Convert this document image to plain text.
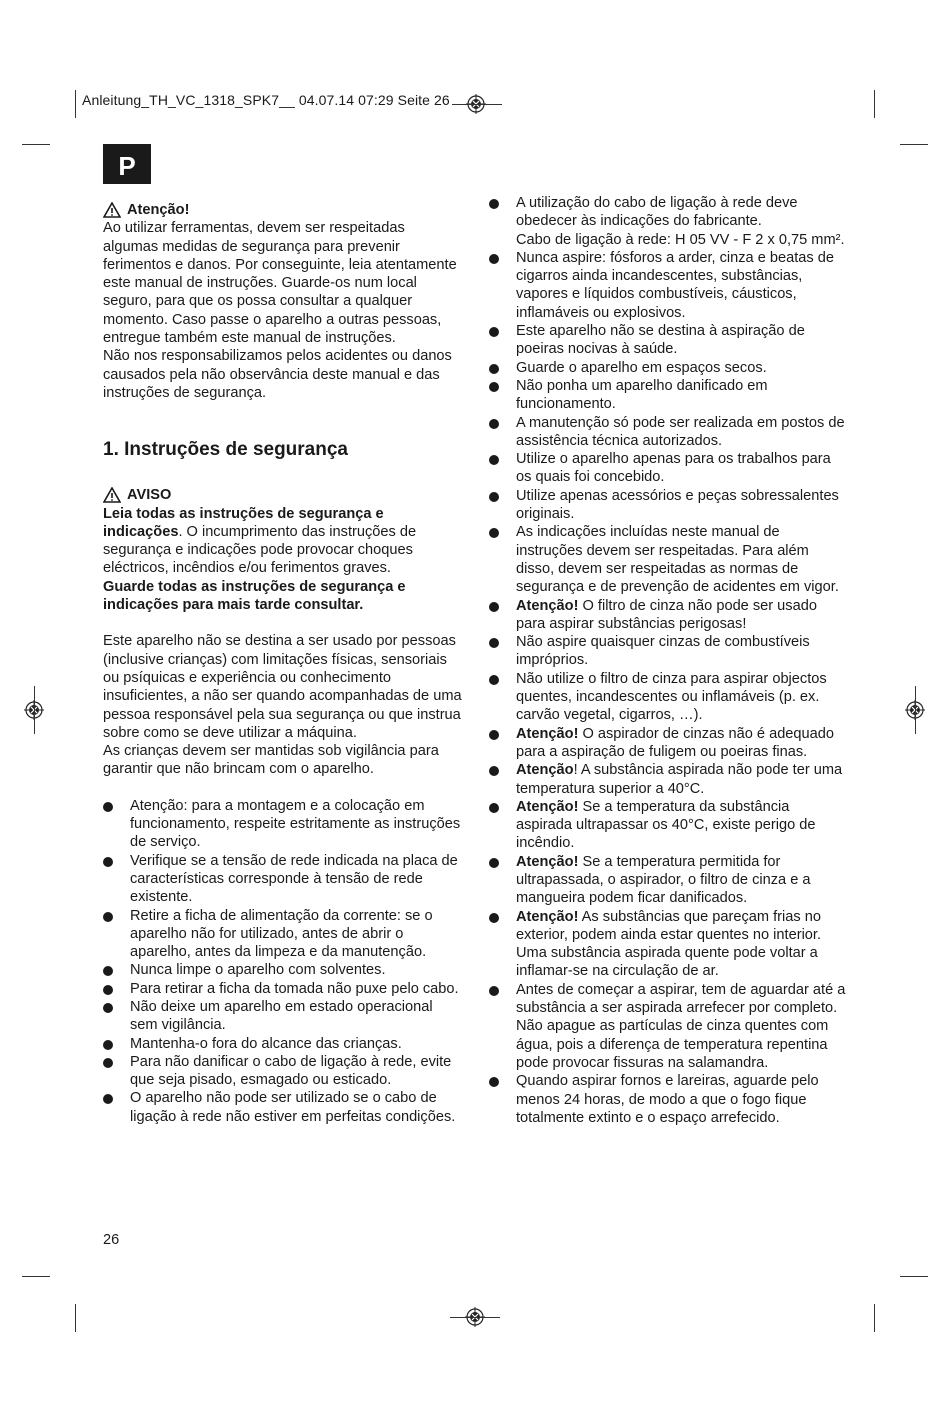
Anleitung_TH_VC_1318_SPK7__ 04.07.14 07:29 Seite 26
P
Atenção!

Ao utilizar ferramentas, devem ser respeitadas algumas medidas de segurança para prevenir ferimentos e danos. Por conseguinte, leia atentamente este manual de instruções. Guarde-os num local seguro, para que os possa consultar a qualquer momento. Caso passe o aparelho a outras pessoas, entregue também este manual de instruções.

Não nos responsabilizamos pelos acidentes ou danos causados pela não observância deste manual e das instruções de segurança.

1. Instruções de segurança
AVISO

Leia todas as instruções de segurança e indicações. O incumprimento das instruções de segurança e indicações pode provocar choques eléctricos, incêndios e/ou ferimentos graves.

Guarde todas as instruções de segurança e indicações para mais tarde consultar.

Este aparelho não se destina a ser usado por pessoas (inclusive crianças) com limitações físicas, sensoriais ou psíquicas e experiência ou conhecimento insuficientes, a não ser quando acompanhadas de uma pessoa responsável pela sua segurança ou que instrua sobre como se deve utilizar a máquina.

As crianças devem ser mantidas sob vigilância para garantir que não brincam com o aparelho.

Atenção: para a montagem e a colocação em funcionamento, respeite estritamente as instruções de serviço.
Verifique se a tensão de rede indicada na placa de características corresponde à tensão de rede existente.
Retire a ficha de alimentação da corrente: se o aparelho não for utilizado, antes de abrir o aparelho, antes da limpeza e da manutenção.
Nunca limpe o aparelho com solventes.
Para retirar a ficha da tomada não puxe pelo cabo.
Não deixe um aparelho em estado operacional sem vigilância.
Mantenha-o fora do alcance das crianças.
Para não danificar o cabo de ligação à rede, evite que seja pisado, esmagado ou esticado.
O aparelho não pode ser utilizado se o cabo de ligação à rede não estiver em perfeitas condições.
A utilização do cabo de ligação à rede deve obedecer às indicações do fabricante.
Cabo de ligação à rede: H 05 VV - F 2 x 0,75 mm².
Nunca aspire: fósforos a arder, cinza e beatas de cigarros ainda incandescentes, substâncias, vapores e líquidos combustíveis, cáusticos, inflamáveis ou explosivos.
Este aparelho não se destina à aspiração de poeiras nocivas à saúde.
Guarde o aparelho em espaços secos.
Não ponha um aparelho danificado em funcionamento.
A manutenção só pode ser realizada em postos de assistência técnica autorizados.
Utilize o aparelho apenas para os trabalhos para os quais foi concebido.
Utilize apenas acessórios e peças sobressalentes originais.
As indicações incluídas neste manual de instruções devem ser respeitadas. Para além disso, devem ser respeitadas as normas de segurança e de prevenção de acidentes em vigor.
Atenção! O filtro de cinza não pode ser usado para aspirar substâncias perigosas!
Não aspire quaisquer cinzas de combustíveis impróprios.
Não utilize o filtro de cinza para aspirar objectos quentes, incandescentes ou inflamáveis (p. ex. carvão vegetal, cigarros, …).
Atenção! O aspirador de cinzas não é adequado para a aspiração de fuligem ou poeiras finas.
Atenção! A substância aspirada não pode ter uma temperatura superior a 40°C.
Atenção! Se a temperatura da substância aspirada ultrapassar os 40°C, existe perigo de incêndio.
Atenção! Se a temperatura permitida for ultrapassada, o aspirador, o filtro de cinza e a mangueira podem ficar danificados.
Atenção! As substâncias que pareçam frias no exterior, podem ainda estar quentes no interior. Uma substância aspirada quente pode voltar a inflamar-se na circulação de ar.
Antes de começar a aspirar, tem de aguardar até a substância a ser aspirada arrefecer por completo. Não apague as partículas de cinza quentes com água, pois a diferença de temperatura repentina pode provocar fissuras na salamandra.
Quando aspirar fornos e lareiras, aguarde pelo menos 24 horas, de modo a que o fogo fique totalmente extinto e o espaço arrefecido.
26
